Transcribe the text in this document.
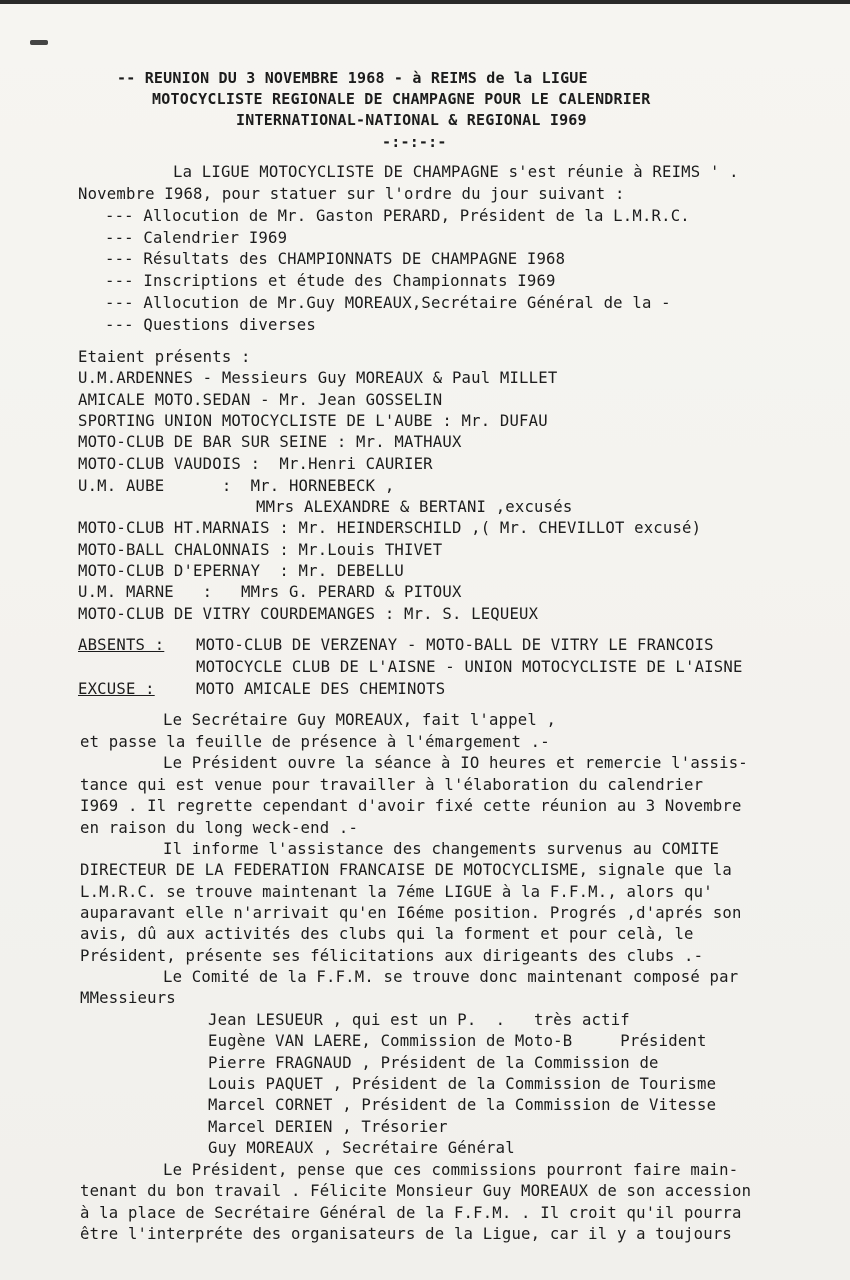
-- REUNION DU 3 NOVEMBRE 1968 - à REIMS de la LIGUE
MOTOCYCLISTE REGIONALE DE CHAMPAGNE POUR LE CALENDRIER
INTERNATIONAL-NATIONAL & REGIONAL I969
-:-:-:-
La LIGUE MOTOCYCLISTE DE CHAMPAGNE s'est réunie à REIMS ' .
Novembre I968, pour statuer sur l'ordre du jour suivant :
--- Allocution de Mr. Gaston PERARD, Président de la L.M.R.C.
--- Calendrier I969
--- Résultats des CHAMPIONNATS DE CHAMPAGNE I968
--- Inscriptions et étude des Championnats I969
--- Allocution de Mr.Guy MOREAUX,Secrétaire Général de la -
--- Questions diverses
Etaient présents :
U.M.ARDENNES - Messieurs Guy MOREAUX & Paul MILLET
AMICALE MOTO.SEDAN - Mr. Jean GOSSELIN
SPORTING UNION MOTOCYCLISTE DE L'AUBE : Mr. DUFAU
MOTO-CLUB DE BAR SUR SEINE : Mr. MATHAUX
MOTO-CLUB VAUDOIS :  Mr.Henri CAURIER
U.M. AUBE      :  Mr. HORNEBECK ,
MMrs ALEXANDRE & BERTANI ,excusés
MOTO-CLUB HT.MARNAIS : Mr. HEINDERSCHILD ,( Mr. CHEVILLOT excusé)
MOTO-BALL CHALONNAIS : Mr.Louis THIVET
MOTO-CLUB D'EPERNAY  : Mr. DEBELLU
U.M. MARNE   :   MMrs G. PERARD & PITOUX
MOTO-CLUB DE VITRY COURDEMANGES : Mr. S. LEQUEUX
ABSENTS : MOTO-CLUB DE VERZENAY - MOTO-BALL DE VITRY LE FRANCOIS
MOTOCYCLE CLUB DE L'AISNE - UNION MOTOCYCLISTE DE L'AISNE
EXCUSE :	MOTO AMICALE DES CHEMINOTS
Le Secrétaire Guy MOREAUX, fait l'appel ,
et passe la feuille de présence à l'émargement .-
Le Président ouvre la séance à IO heures et remercie l'assis-
tance qui est venue pour travailler à l'élaboration du calendrier
I969 . Il regrette cependant d'avoir fixé cette réunion au 3 Novembre
en raison du long weck-end .-
Il informe l'assistance des changements survenus au COMITE
DIRECTEUR DE LA FEDERATION FRANCAISE DE MOTOCYCLISME, signale que la
L.M.R.C. se trouve maintenant la 7éme LIGUE à la F.F.M., alors qu'
auparavant elle n'arrivait qu'en I6éme position. Progrés ,d'aprés son
avis, dû aux activités des clubs qui la forment et pour celà, le
Président, présente ses félicitations aux dirigeants des clubs .-
Le Comité de la F.F.M. se trouve donc maintenant composé par
MMessieurs
Jean LESUEUR , qui est un P.  .   très actif
Eugène VAN LAERE, Commission de Moto-B     Président
Pierre FRAGNAUD , Président de la Commission de
Louis PAQUET , Président de la Commission de Tourisme
Marcel CORNET , Président de la Commission de Vitesse
Marcel DERIEN , Trésorier
Guy MOREAUX , Secrétaire Général
Le Président, pense que ces commissions pourront faire main-
tenant du bon travail . Félicite Monsieur Guy MOREAUX de son accession
à la place de Secrétaire Général de la F.F.M. . Il croit qu'il pourra
être l'interpréte des organisateurs de la Ligue, car il y a toujours
